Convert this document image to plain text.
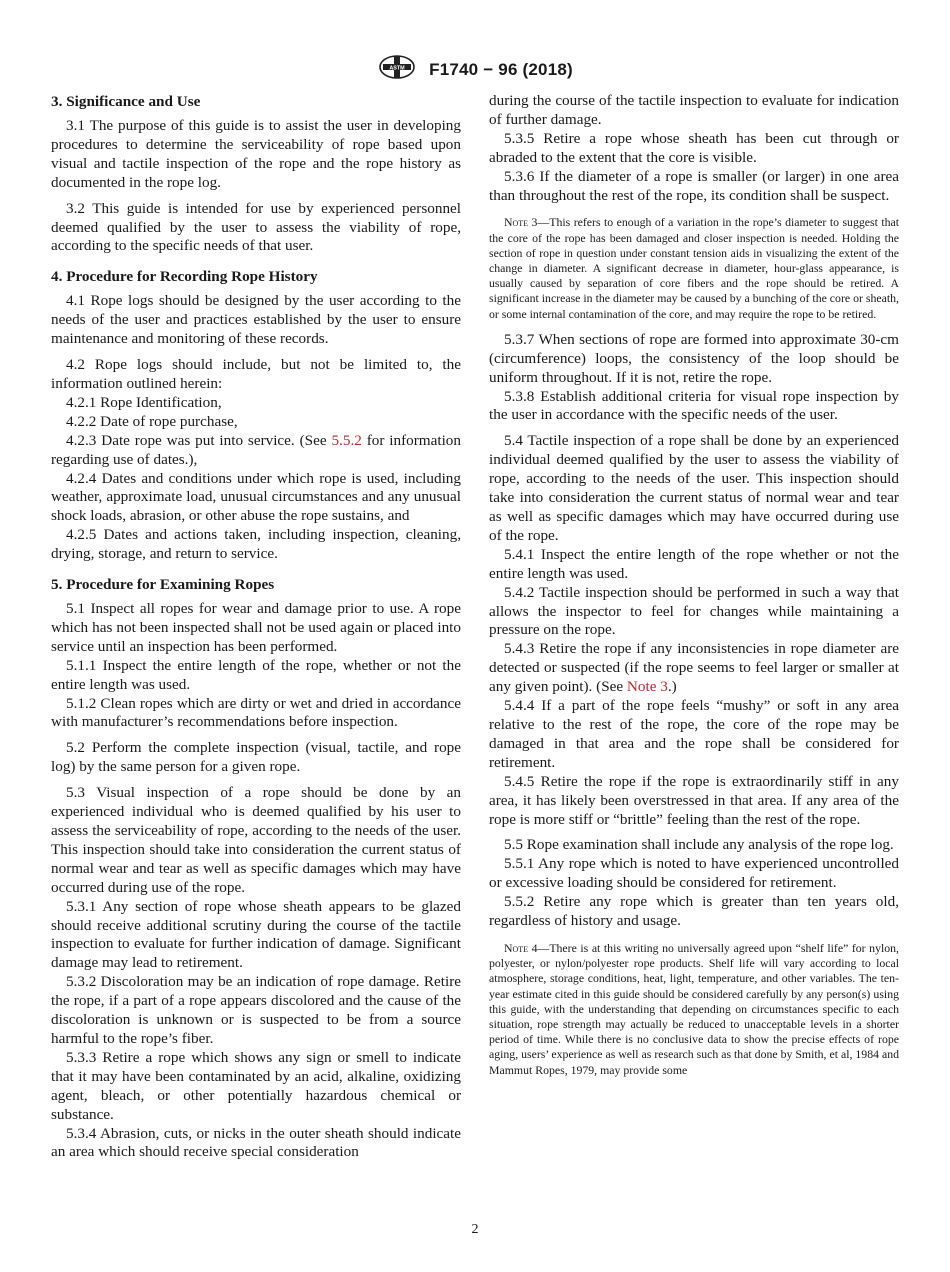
ASTM F1740 − 96 (2018)

3. Significance and Use

3.1 The purpose of this guide is to assist the user in developing procedures to determine the serviceability of rope based upon visual and tactile inspection of the rope and the rope history as documented in the rope log.

3.2 This guide is intended for use by experienced personnel deemed qualified by the user to assess the viability of rope, according to the specific needs of that user.

4. Procedure for Recording Rope History

4.1 Rope logs should be designed by the user according to the needs of the user and practices established by the user to ensure maintenance and monitoring of these records.

4.2 Rope logs should include, but not be limited to, the information outlined herein:

4.2.1 Rope Identification,

4.2.2 Date of rope purchase,

4.2.3 Date rope was put into service. (See 5.5.2 for information regarding use of dates.),

4.2.4 Dates and conditions under which rope is used, including weather, approximate load, unusual circumstances and any unusual shock loads, abrasion, or other abuse the rope sustains, and

4.2.5 Dates and actions taken, including inspection, cleaning, drying, storage, and return to service.

5. Procedure for Examining Ropes

5.1 Inspect all ropes for wear and damage prior to use. A rope which has not been inspected shall not be used again or placed into service until an inspection has been performed.

5.1.1 Inspect the entire length of the rope, whether or not the entire length was used.

5.1.2 Clean ropes which are dirty or wet and dried in accordance with manufacturer’s recommendations before inspection.

5.2 Perform the complete inspection (visual, tactile, and rope log) by the same person for a given rope.

5.3 Visual inspection of a rope should be done by an experienced individual who is deemed qualified by his user to assess the serviceability of rope, according to the needs of the user. This inspection should take into consideration the current status of normal wear and tear as well as specific damages which may have occurred during use of the rope.

5.3.1 Any section of rope whose sheath appears to be glazed should receive additional scrutiny during the course of the tactile inspection to evaluate for further indication of damage. Significant damage may lead to retirement.

5.3.2 Discoloration may be an indication of rope damage. Retire the rope, if a part of a rope appears discolored and the cause of the discoloration is unknown or is suspected to be from a source harmful to the rope’s fiber.

5.3.3 Retire a rope which shows any sign or smell to indicate that it may have been contaminated by an acid, alkaline, oxidizing agent, bleach, or other potentially hazardous chemical or substance.

5.3.4 Abrasion, cuts, or nicks in the outer sheath should indicate an area which should receive special consideration

during the course of the tactile inspection to evaluate for indication of further damage.

5.3.5 Retire a rope whose sheath has been cut through or abraded to the extent that the core is visible.

5.3.6 If the diameter of a rope is smaller (or larger) in one area than throughout the rest of the rope, its condition shall be suspect.

Note 3—This refers to enough of a variation in the rope’s diameter to suggest that the core of the rope has been damaged and closer inspection is needed. Holding the section of rope in question under constant tension aids in visualizing the extent of the change in diameter. A significant decrease in diameter, hour-glass appearance, is usually caused by separation of core fibers and the rope should be retired. A significant increase in the diameter may be caused by a bunching of the core or sheath, or some internal contamination of the core, and may require the rope to be retired.

5.3.7 When sections of rope are formed into approximate 30-cm (circumference) loops, the consistency of the loop should be uniform throughout. If it is not, retire the rope.

5.3.8 Establish additional criteria for visual rope inspection by the user in accordance with the specific needs of the user.

5.4 Tactile inspection of a rope shall be done by an experienced individual deemed qualified by the user to assess the viability of rope, according to the needs of the user. This inspection should take into consideration the current status of normal wear and tear as well as specific damages which may have occurred during use of the rope.

5.4.1 Inspect the entire length of the rope whether or not the entire length was used.

5.4.2 Tactile inspection should be performed in such a way that allows the inspector to feel for changes while maintaining a pressure on the rope.

5.4.3 Retire the rope if any inconsistencies in rope diameter are detected or suspected (if the rope seems to feel larger or smaller at any given point). (See Note 3.)

5.4.4 If a part of the rope feels “mushy” or soft in any area relative to the rest of the rope, the core of the rope may be damaged in that area and the rope shall be considered for retirement.

5.4.5 Retire the rope if the rope is extraordinarily stiff in any area, it has likely been overstressed in that area. If any area of the rope is more stiff or “brittle” feeling than the rest of the rope.

5.5 Rope examination shall include any analysis of the rope log.

5.5.1 Any rope which is noted to have experienced uncontrolled or excessive loading should be considered for retirement.

5.5.2 Retire any rope which is greater than ten years old, regardless of history and usage.

Note 4—There is at this writing no universally agreed upon “shelf life” for nylon, polyester, or nylon/polyester rope products. Shelf life will vary according to local atmosphere, storage conditions, heat, light, temperature, and other variables. The ten-year estimate cited in this guide should be considered carefully by any person(s) using this guide, with the understanding that depending on circumstances specific to each situation, rope strength may actually be reduced to unacceptable levels in a shorter period of time. While there is no conclusive data to show the precise effects of rope aging, users’ experience as well as research such as that done by Smith, et al, 1984 and Mammut Ropes, 1979, may provide some

2
